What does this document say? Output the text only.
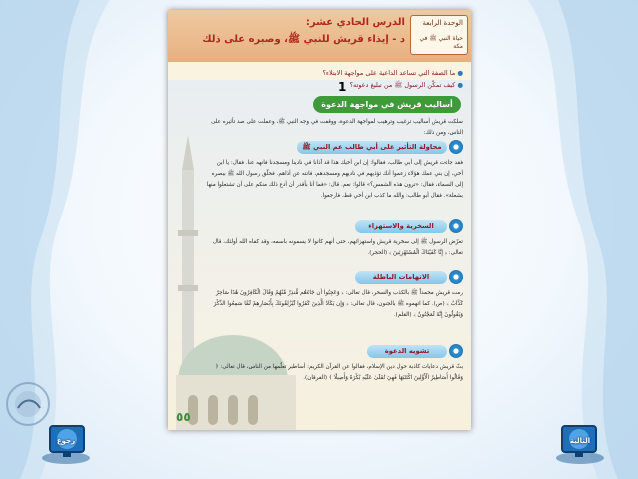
الدرس الحادي عشر:
د - إيذاء قريش للنبي ﷺ، وصبره على ذلك
الوحدة الرابعة
حياة النبي ﷺ في مكة
● ما الصفة التي تساعد الداعية على مواجهة الابتلاء؟
● كيف تمكّن الرسول ﷺ من تبليغ دعوته؟
1
أساليب قريش في مواجهة الدعوة
سلكت قريش أساليب ترغيب وترهيب لمواجهة الدعوة، ووقفت في وجه النبي ﷺ، وعملت على صد تأثيره على الناس، ومن ذلك:
محاولة التأثير على أبي طالب عم النبي ﷺ
فقد جاءت قريش إلى أبي طالب، فقالوا: إن ابن أخيك هذا قد آذانا في نادينا ومسجدنا فانهه عنا. فقال: يا ابن أخي، إن بني عمك هؤلاء زعموا أنك تؤذيهم في ناديهم ومسجدهم، فانته عن أذاهم. فحلّق رسول الله ﷺ ببصره إلى السماء، فقال: «ترون هذه الشمس؟» قالوا: نعم. قال: «فما أنا بأقدر أن أدع ذلك منكم على أن تشتعلوا منها بشعلة». فقال أبو طالب: والله ما كذب ابن أخي قط، فارجعوا.
السخرية والاستهزاء
تعرّض الرسول ﷺ إلى سخرية قريش واستهزائهم، حتى أنهم كانوا لا يسمونه باسمه، وقد كفاه الله أولئك، قال تعالى: ﴿ إِنَّا كَفَيْنَاكَ الْمُسْتَهْزِئِينَ ﴾ (الحجر).
الاتهامات الباطلة
رمت قريش محمداً ﷺ بالكذب والسحر، قال تعالى: ﴿ وَعَجِبُوا أَن جَاءَهُم مُّنذِرٌ مِّنْهُمْ وَقَالَ الْكَافِرُونَ هَٰذَا سَاحِرٌ كَذَّابٌ ﴾ (ص). كما اتهموه ﷺ بالجنون، قال تعالى: ﴿ وَإِن يَكَادُ الَّذِينَ كَفَرُوا لَيُزْلِقُونَكَ بِأَبْصَارِهِمْ لَمَّا سَمِعُوا الذِّكْرَ وَيَقُولُونَ إِنَّهُ لَمَجْنُونٌ ﴾ (القلم).
تشويه الدعوة
بثّ قريش دعايات كاذبة حول دين الإسلام، فقالوا عن القرآن الكريم: أساطير تعلّمها من الناس، قال تعالى: ﴿ وَقَالُوا أَسَاطِيرُ الْأَوَّلِينَ اكْتَتَبَهَا فَهِيَ تُمْلَىٰ عَلَيْهِ بُكْرَةً وَأَصِيلًا ﴾ (الفرقان).
٥٥
رجوع	التالية
